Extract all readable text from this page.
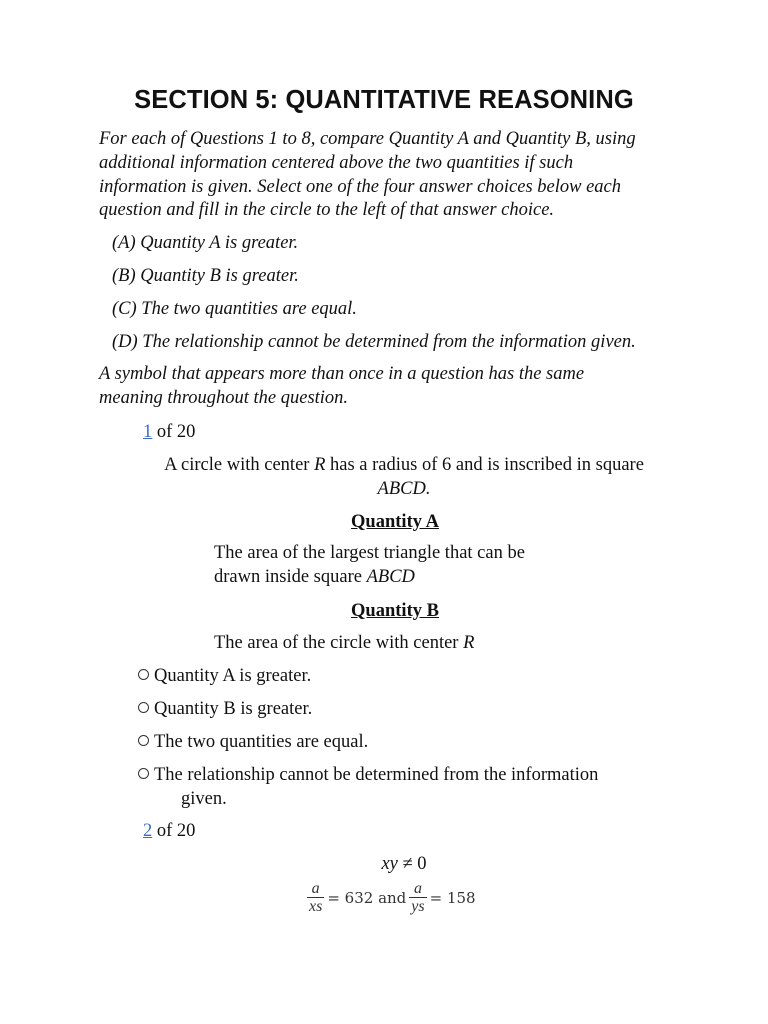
SECTION 5: QUANTITATIVE REASONING
For each of Questions 1 to 8, compare Quantity A and Quantity B, using
additional information centered above the two quantities if such
information is given. Select one of the four answer choices below each
question and fill in the circle to the left of that answer choice.
(A) Quantity A is greater.
(B) Quantity B is greater.
(C) The two quantities are equal.
(D) The relationship cannot be determined from the information given.
A symbol that appears more than once in a question has the same
meaning throughout the question.
1 of 20
A circle with center R has a radius of 6 and is inscribed in square
ABCD.
Quantity A
The area of the largest triangle that can be
drawn inside square ABCD
Quantity B
The area of the circle with center R
Quantity A is greater.
Quantity B is greater.
The two quantities are equal.
The relationship cannot be determined from the information
given.
2 of 20
xy ≠ 0
$\frac{a}{xs} = 632$ and $\frac{a}{ys} = 158$
